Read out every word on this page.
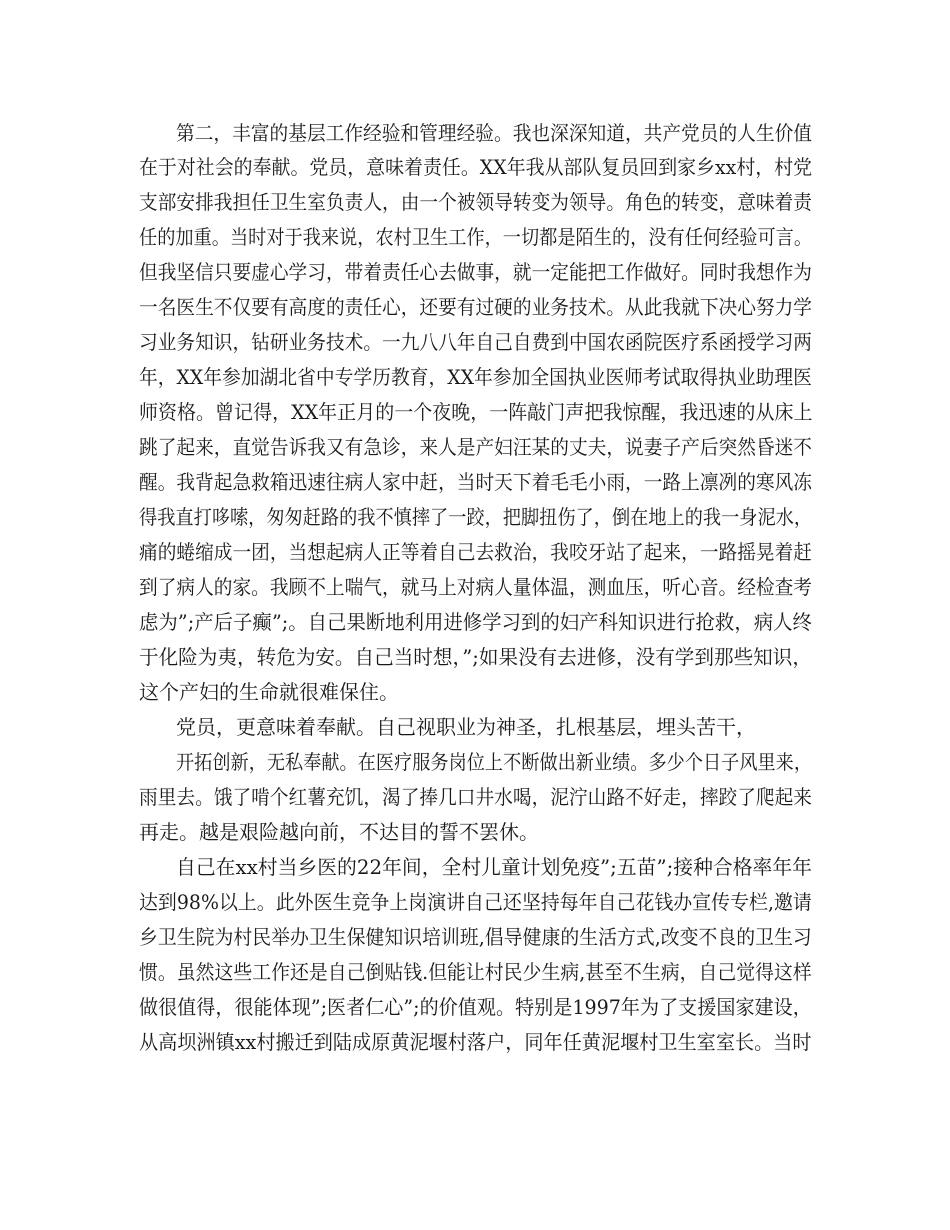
第二，丰富的基层工作经验和管理经验。我也深深知道，共产党员的人生价值
在于对社会的奉献。党员，意味着责任。XX年我从部队复员回到家乡xx村，村党
支部安排我担任卫生室负责人，由一个被领导转变为领导。角色的转变，意味着责
任的加重。当时对于我来说，农村卫生工作，一切都是陌生的，没有任何经验可言。
但我坚信只要虚心学习，带着责任心去做事，就一定能把工作做好。同时我想作为
一名医生不仅要有高度的责任心，还要有过硬的业务技术。从此我就下决心努力学
习业务知识，钻研业务技术。一九八八年自己自费到中国农函院医疗系函授学习两
年，XX年参加湖北省中专学历教育，XX年参加全国执业医师考试取得执业助理医
师资格。曾记得，XX年正月的一个夜晚，一阵敲门声把我惊醒，我迅速的从床上
跳了起来，直觉告诉我又有急诊，来人是产妇汪某的丈夫，说妻子产后突然昏迷不
醒。我背起急救箱迅速往病人家中赶，当时天下着毛毛小雨，一路上凛冽的寒风冻
得我直打哆嗦，匆匆赶路的我不慎摔了一跤，把脚扭伤了，倒在地上的我一身泥水，
痛的蜷缩成一团，当想起病人正等着自己去救治，我咬牙站了起来，一路摇晃着赶
到了病人的家。我顾不上喘气，就马上对病人量体温，测血压，听心音。经检查考
虑为”;产后子癫”;。自己果断地利用进修学习到的妇产科知识进行抢救，病人终
于化险为夷，转危为安。自己当时想，”;如果没有去进修，没有学到那些知识，
这个产妇的生命就很难保住。
党员，更意味着奉献。自己视职业为神圣，扎根基层，埋头苦干，
开拓创新，无私奉献。在医疗服务岗位上不断做出新业绩。多少个日子风里来，
雨里去。饿了啃个红薯充饥，渴了捧几口井水喝，泥泞山路不好走，摔跤了爬起来
再走。越是艰险越向前，不达目的誓不罢休。
自己在xx村当乡医的22年间，全村儿童计划免疫”;五苗”;接种合格率年年
达到98%以上。此外医生竞争上岗演讲自己还坚持每年自己花钱办宣传专栏,邀请
乡卫生院为村民举办卫生保健知识培训班,倡导健康的生活方式,改变不良的卫生习
惯。虽然这些工作还是自己倒贴钱.但能让村民少生病,甚至不生病，自己觉得这样
做很值得，很能体现”;医者仁心”;的价值观。特别是1997年为了支援国家建设，
从高坝洲镇xx村搬迁到陆成原黄泥堰村落户，同年任黄泥堰村卫生室室长。当时
